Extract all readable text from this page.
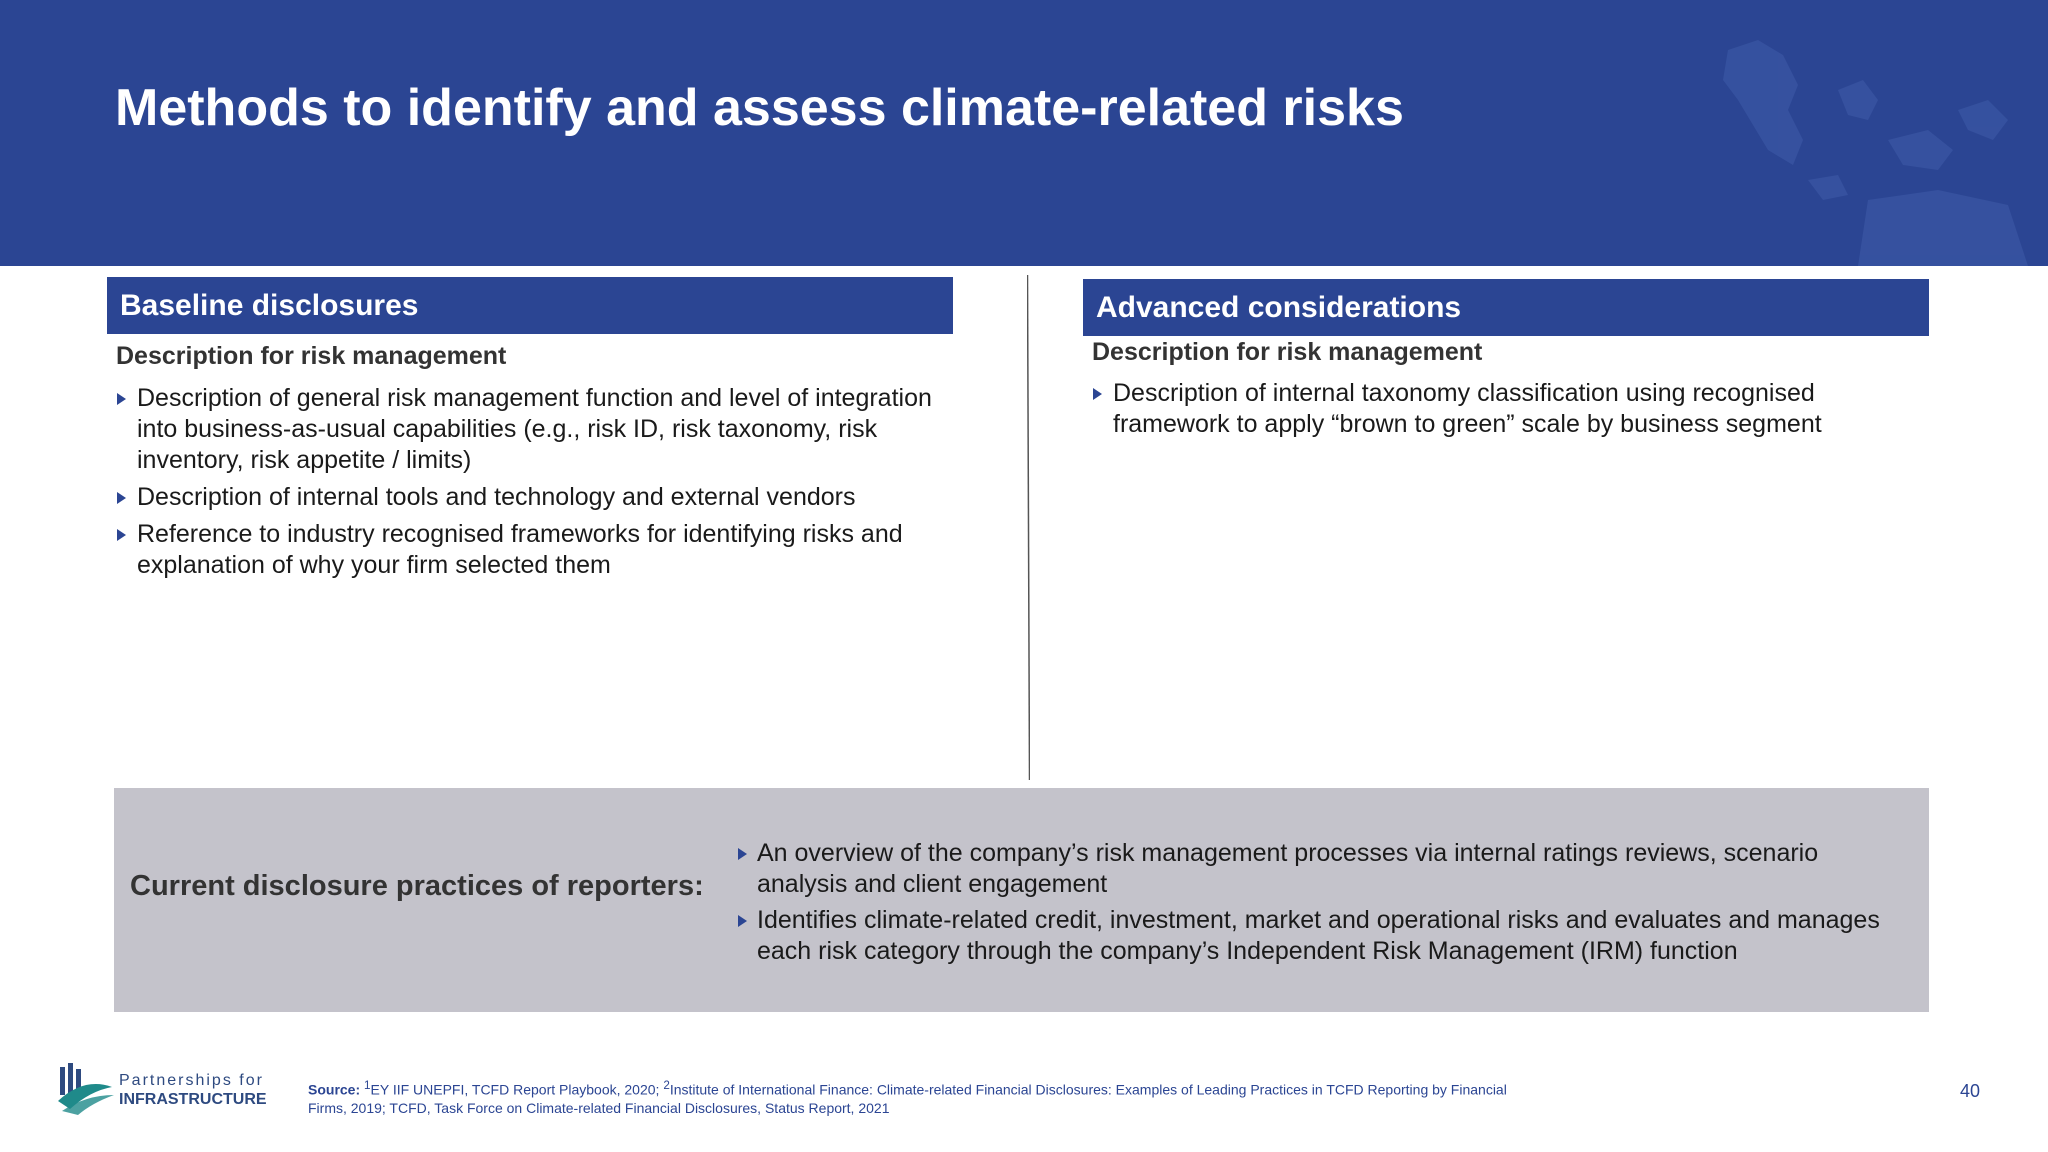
Methods to identify and assess climate-related risks
Baseline disclosures
Description for risk management
Description of general risk management function and level of integration into business-as-usual capabilities (e.g., risk ID, risk taxonomy, risk inventory, risk appetite / limits)
Description of internal tools and technology and external vendors
Reference to industry recognised frameworks for identifying risks and explanation of why your firm selected them
Advanced considerations
Description for risk management
Description of internal taxonomy classification using recognised framework to apply “brown to green” scale by business segment
Current disclosure practices of reporters:
An overview of the company’s risk management processes via internal ratings reviews, scenario analysis and client engagement
Identifies climate-related credit, investment, market and operational risks and evaluates and manages each risk category through the company’s Independent Risk Management (IRM) function
Partnerships for
INFRASTRUCTURE
Source: $^1$EY IIF UNEPFI, TCFD Report Playbook, 2020; $^2$Institute of International Finance: Climate-related Financial Disclosures: Examples of Leading Practices in TCFD Reporting by Financial Firms, 2019; TCFD, Task Force on Climate-related Financial Disclosures, Status Report, 2021
40
